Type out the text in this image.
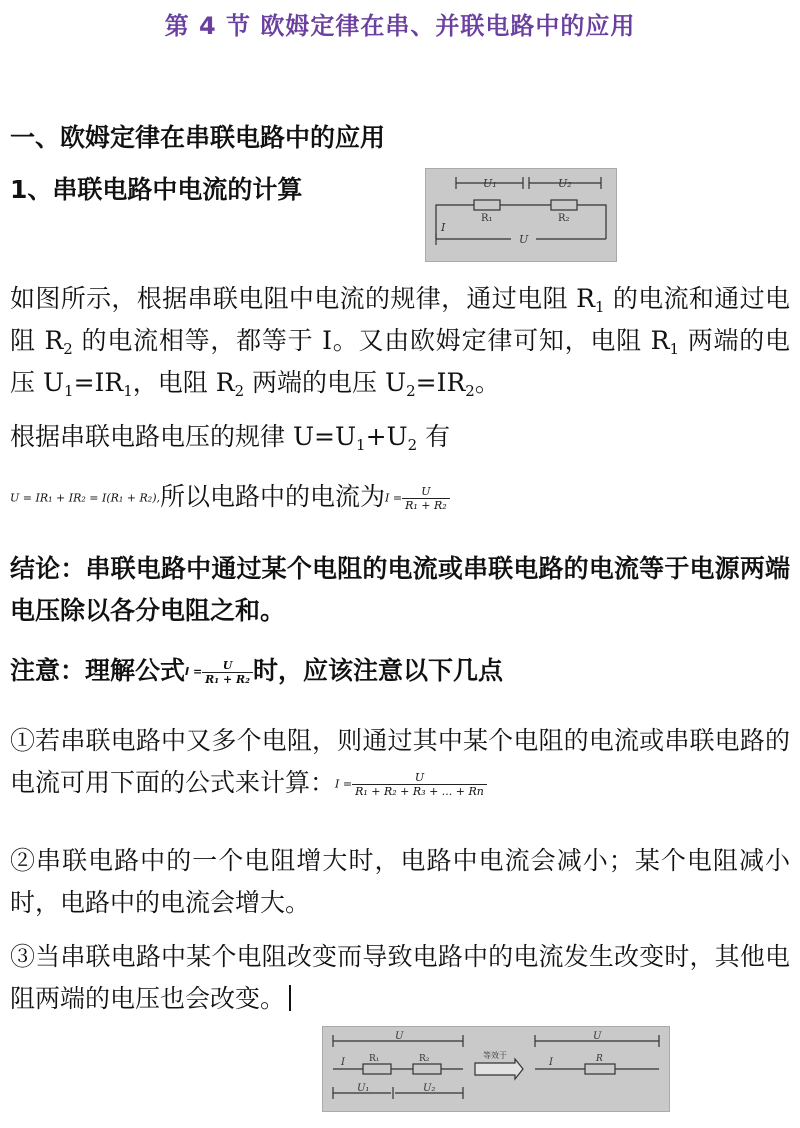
第 4 节 欧姆定律在串、并联电路中的应用
一、欧姆定律在串联电路中的应用
1、串联电路中电流的计算	U₁	U₂
R₁	R₂
I
U
如图所示，根据串联电阻中电流的规律，通过电阻 $R_1$ 的电流和通过电阻 $R_2$ 的电流相等，都等于 I。又由欧姆定律可知，电阻 $R_1$ 两端的电压 $U_1=IR_1$，电阻 $R_2$ 两端的电压 $U_2=IR_2$。
根据串联电路电压的规律 $U=U_1+U_2$ 有
U = IR₁ + IR₂ = I(R₁ + R₂),所以电路中的电流为$I = \frac{U}{\text{R₁ + R₂}}$
结论：串联电路中通过某个电阻的电流或串联电路的电流等于电源两端电压除以各分电阻之和。
注意：理解公式$I = \frac{U}{\text{R₁ + R₂}}$ 时，应该注意以下几点
①若串联电路中又多个电阻，则通过其中某个电阻的电流或串联电路的电流可用下面的公式来计算：$I = \frac{U}{\text{R₁ + R₂ + R₃ + ... + Rn}}$
②串联电路中的一个电阻增大时，电路中电流会减小；某个电阻减小时，电路中的电流会增大。
③当串联电路中某个电阻改变而导致电路中的电流发生改变时，其他电阻两端的电压也会改变。
U
I	R₁	R₂
U₁	U₂
等效于
U
I	R
